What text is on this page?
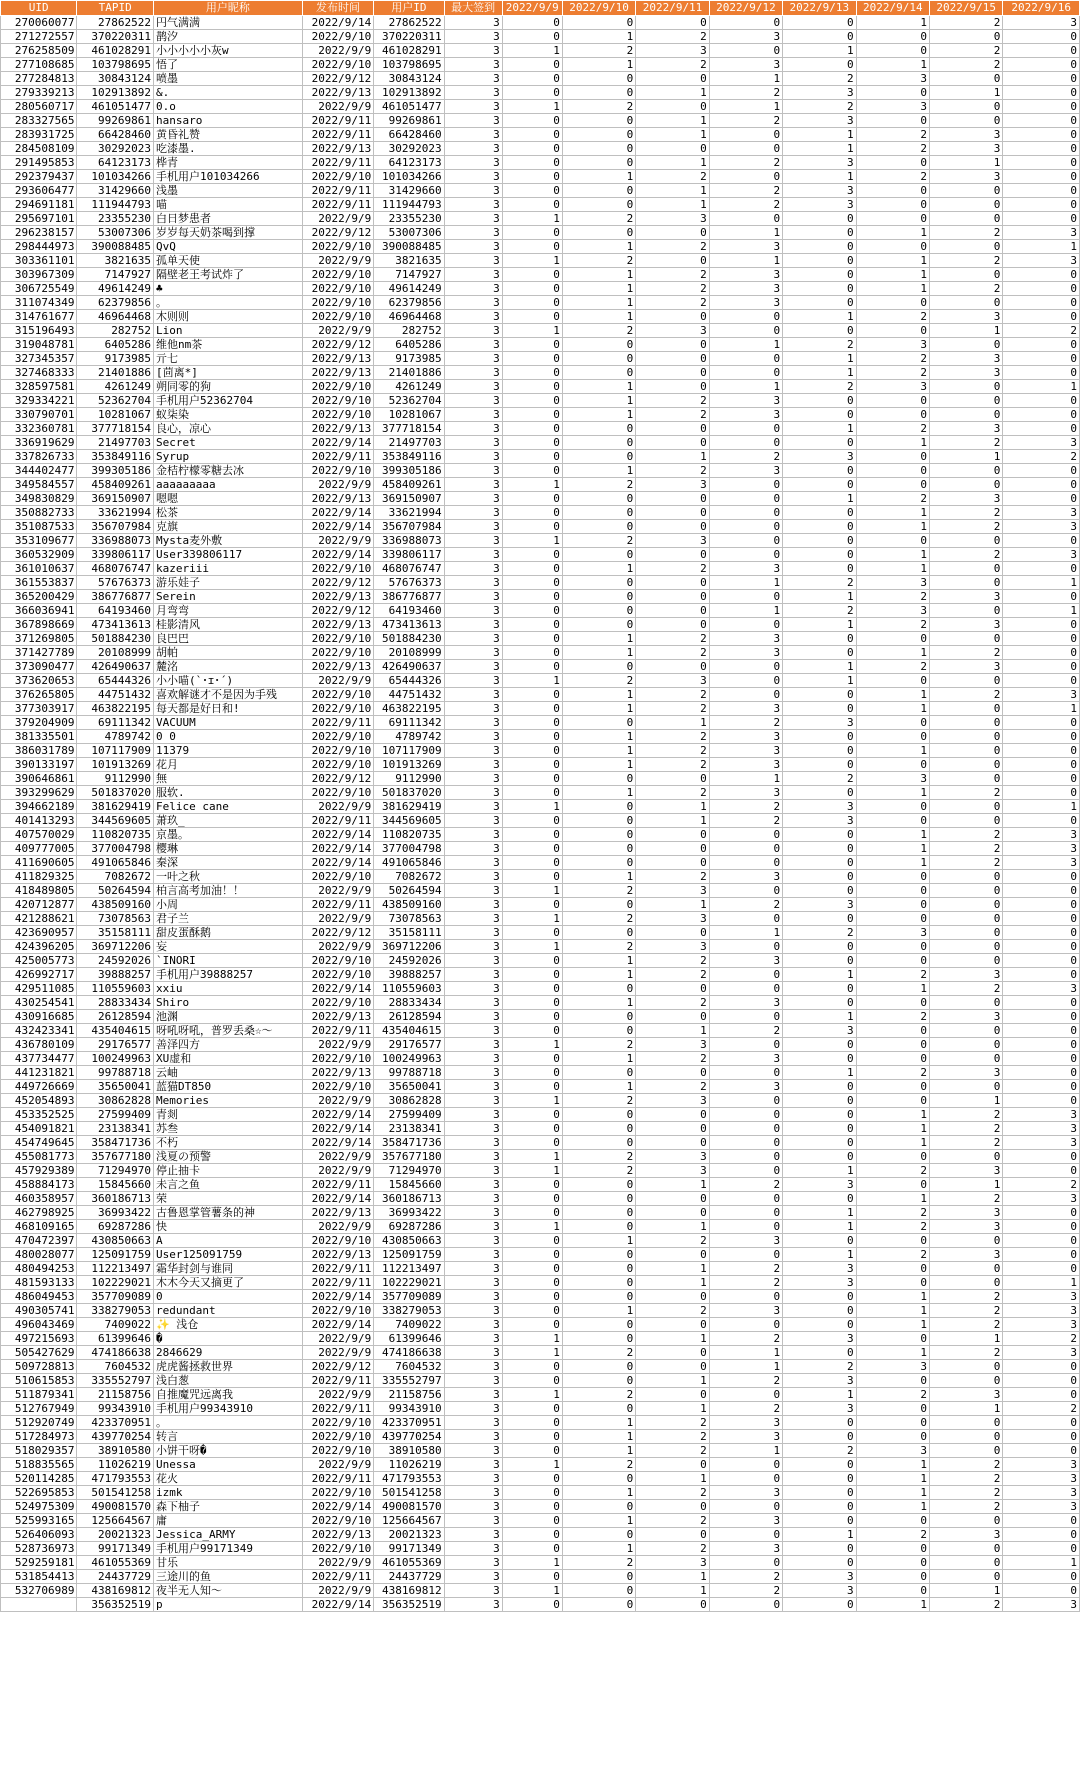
UID	TAPID	用户昵称	发布时间	用户ID	最大签到	2022/9/9	2022/9/10	2022/9/11	2022/9/12	2022/9/13	2022/9/14	2022/9/15	2022/9/16
270060077	27862522	円气满满	2022/9/14	27862522	3	0	0	0	0	0	1	2	3
271272557	370220311	鹊汐	2022/9/10	370220311	3	0	1	2	3	0	0	0	0
276258509	461028291	小小小小小灰w	2022/9/9	461028291	3	1	2	3	0	1	0	2	0
277108685	103798695	悟了	2022/9/10	103798695	3	0	1	2	3	0	1	2	0
277284813	30843124	喷墨	2022/9/12	30843124	3	0	0	0	1	2	3	0	0
279339213	102913892	&.	2022/9/13	102913892	3	0	0	1	2	3	0	1	0
280560717	461051477	0.o	2022/9/9	461051477	3	1	2	0	1	2	3	0	0
283327565	99269861	hansaro	2022/9/11	99269861	3	0	0	1	2	3	0	0	0
283931725	66428460	黄昏礼赞	2022/9/11	66428460	3	0	0	1	0	1	2	3	0
284508109	30292023	吃漆墨.	2022/9/13	30292023	3	0	0	0	0	1	2	3	0
291495853	64123173	桦青	2022/9/11	64123173	3	0	0	1	2	3	0	1	0
292379437	101034266	手机用户101034266	2022/9/10	101034266	3	0	1	2	0	1	2	3	0
293606477	31429660	浅墨	2022/9/11	31429660	3	0	0	1	2	3	0	0	0
294691181	111944793	喵	2022/9/11	111944793	3	0	0	1	2	3	0	0	0
295697101	23355230	白日梦患者	2022/9/9	23355230	3	1	2	3	0	0	0	0	0
296238157	53007306	岁岁每天奶茶喝到撑	2022/9/12	53007306	3	0	0	0	1	0	1	2	3
298444973	390088485	QvQ	2022/9/10	390088485	3	0	1	2	3	0	0	0	1
303361101	3821635	孤单天使	2022/9/9	3821635	3	1	2	0	1	0	1	2	3
303967309	7147927	隔壁老王考试炸了	2022/9/10	7147927	3	0	1	2	3	0	1	0	0
306725549	49614249	♣	2022/9/10	49614249	3	0	1	2	3	0	1	2	0
311074349	62379856	。	2022/9/10	62379856	3	0	1	2	3	0	0	0	0
314761677	46964468	木则则	2022/9/10	46964468	3	0	1	0	0	1	2	3	0
315196493	282752	Lion	2022/9/9	282752	3	1	2	3	0	0	0	1	2
319048781	6405286	维他nm茶	2022/9/12	6405286	3	0	0	0	1	2	3	0	0
327345357	9173985	亓七	2022/9/13	9173985	3	0	0	0	0	1	2	3	0
327468333	21401886	[茴离*]	2022/9/13	21401886	3	0	0	0	0	1	2	3	0
328597581	4261249	朔同零的狗	2022/9/10	4261249	3	0	1	0	1	2	3	0	1
329334221	52362704	手机用户52362704	2022/9/10	52362704	3	0	1	2	3	0	0	0	0
330790701	10281067	蚁柒染	2022/9/10	10281067	3	0	1	2	3	0	0	0	0
332360781	377718154	良心，凉心	2022/9/13	377718154	3	0	0	0	0	1	2	3	0
336919629	21497703	Secret	2022/9/14	21497703	3	0	0	0	0	0	1	2	3
337826733	353849116	Syrup	2022/9/11	353849116	3	0	0	1	2	3	0	1	2
344402477	399305186	金桔柠檬零糖去冰	2022/9/10	399305186	3	0	1	2	3	0	0	0	0
349584557	458409261	aaaaaaaaa	2022/9/9	458409261	3	1	2	3	0	0	0	0	0
349830829	369150907	嗯嗯	2022/9/13	369150907	3	0	0	0	0	1	2	3	0
350882733	33621994	松茶	2022/9/14	33621994	3	0	0	0	0	0	1	2	3
351087533	356707984	克旗	2022/9/14	356707984	3	0	0	0	0	0	1	2	3
353109677	336988073	Mysta麦外敷	2022/9/9	336988073	3	1	2	3	0	0	0	0	0
360532909	339806117	User339806117	2022/9/14	339806117	3	0	0	0	0	0	1	2	3
361010637	468076747	kazeriii	2022/9/10	468076747	3	0	1	2	3	0	1	0	0
361553837	57676373	游乐娃子	2022/9/12	57676373	3	0	0	0	1	2	3	0	1
365200429	386776877	Serein	2022/9/13	386776877	3	0	0	0	0	1	2	3	0
366036941	64193460	月弯弯	2022/9/12	64193460	3	0	0	0	1	2	3	0	1
367898669	473413613	桂影清风	2022/9/13	473413613	3	0	0	0	0	1	2	3	0
371269805	501884230	良巴巴	2022/9/10	501884230	3	0	1	2	3	0	0	0	0
371427789	20108999	胡帕	2022/9/10	20108999	3	0	1	2	3	0	1	2	0
373090477	426490637	麓洺	2022/9/13	426490637	3	0	0	0	0	1	2	3	0
373620653	65444326	小小喵(`･ɪ･´)	2022/9/9	65444326	3	1	2	3	0	1	0	0	0
376265805	44751432	喜欢解谜才不是因为手残	2022/9/10	44751432	3	0	1	2	0	0	1	2	3
377303917	463822195	每天都是好日和!	2022/9/10	463822195	3	0	1	2	3	0	1	0	1
379204909	69111342	VACUUM	2022/9/11	69111342	3	0	0	1	2	3	0	0	0
381335501	4789742	0 0	2022/9/10	4789742	3	0	1	2	3	0	0	0	0
386031789	107117909	11379	2022/9/10	107117909	3	0	1	2	3	0	1	0	0
390133197	101913269	花月	2022/9/10	101913269	3	0	1	2	3	0	0	0	0
390646861	9112990	無	2022/9/12	9112990	3	0	0	0	1	2	3	0	0
393299629	501837020	服软.	2022/9/10	501837020	3	0	1	2	3	0	1	2	0
394662189	381629419	Felice cane	2022/9/9	381629419	3	1	0	1	2	3	0	0	1
401413293	344569605	萧玖_	2022/9/11	344569605	3	0	0	1	2	3	0	0	0
407570029	110820735	京墨。	2022/9/14	110820735	3	0	0	0	0	0	1	2	3
409777005	377004798	樱琳	2022/9/14	377004798	3	0	0	0	0	0	1	2	3
411690605	491065846	秦深	2022/9/14	491065846	3	0	0	0	0	0	1	2	3
411829325	7082672	一叶之秋	2022/9/10	7082672	3	0	1	2	3	0	0	0	0
418489805	50264594	柏言高考加油！！	2022/9/9	50264594	3	1	2	3	0	0	0	0	0
420712877	438509160	小周	2022/9/11	438509160	3	0	0	1	2	3	0	0	0
421288621	73078563	君子兰	2022/9/9	73078563	3	1	2	3	0	0	0	0	0
423690957	35158111	甜皮蛋酥鹅	2022/9/12	35158111	3	0	0	0	1	2	3	0	0
424396205	369712206	妄	2022/9/9	369712206	3	1	2	3	0	0	0	0	0
425005773	24592026	`INORI	2022/9/10	24592026	3	0	1	2	3	0	0	0	0
426992717	39888257	手机用户39888257	2022/9/10	39888257	3	0	1	2	0	1	2	3	0
429511085	110559603	xxiu	2022/9/14	110559603	3	0	0	0	0	0	1	2	3
430254541	28833434	Shiro	2022/9/10	28833434	3	0	1	2	3	0	0	0	0
430916685	26128594	池渊	2022/9/13	26128594	3	0	0	0	0	1	2	3	0
432423341	435404615	呀吼呀吼，普罗丢桑☆～	2022/9/11	435404615	3	0	0	1	2	3	0	0	0
436780109	29176577	善泽四方	2022/9/9	29176577	3	1	2	3	0	0	0	0	0
437734477	100249963	XU虚和	2022/9/10	100249963	3	0	1	2	3	0	0	0	0
441231821	99788718	云岫	2022/9/13	99788718	3	0	0	0	0	1	2	3	0
449726669	35650041	蓝猫DT850	2022/9/10	35650041	3	0	1	2	3	0	0	0	0
452054893	30862828	Memories	2022/9/9	30862828	3	1	2	3	0	0	0	1	0
453352525	27599409	青剡	2022/9/14	27599409	3	0	0	0	0	0	1	2	3
454091821	23138341	苏叁	2022/9/14	23138341	3	0	0	0	0	0	1	2	3
454749645	358471736	不朽	2022/9/14	358471736	3	0	0	0	0	0	1	2	3
455081773	357677180	浅夏の预警	2022/9/9	357677180	3	1	2	3	0	0	0	0	0
457929389	71294970	停止抽卡	2022/9/9	71294970	3	1	2	3	0	1	2	3	0
458884173	15845660	未言之鱼	2022/9/11	15845660	3	0	0	1	2	3	0	1	2
460358957	360186713	荣	2022/9/14	360186713	3	0	0	0	0	0	1	2	3
462798925	36993422	古鲁恩掌管薯条的神	2022/9/13	36993422	3	0	0	0	0	1	2	3	0
468109165	69287286	快	2022/9/9	69287286	3	1	0	1	0	1	2	3	0
470472397	430850663	A	2022/9/10	430850663	3	0	1	2	3	0	0	0	0
480028077	125091759	User125091759	2022/9/13	125091759	3	0	0	0	0	1	2	3	0
480494253	112213497	霜华封剑与谁同	2022/9/11	112213497	3	0	0	1	2	3	0	0	0
481593133	102229021	木木今天又摘更了	2022/9/11	102229021	3	0	0	1	2	3	0	0	1
486049453	357709089	0	2022/9/14	357709089	3	0	0	0	0	0	1	2	3
490305741	338279053	redundant	2022/9/10	338279053	3	0	1	2	3	0	1	2	3
496043469	7409022	✨ 浅仓	2022/9/14	7409022	3	0	0	0	0	0	1	2	3
497215693	61399646	�	2022/9/9	61399646	3	1	0	1	2	3	0	1	2
505427629	474186638	2846629	2022/9/9	474186638	3	1	2	0	1	0	1	2	3
509728813	7604532	虎虎酱拯救世界	2022/9/12	7604532	3	0	0	0	1	2	3	0	0
510615853	335552797	浅白葱	2022/9/11	335552797	3	0	0	1	2	3	0	0	0
511879341	21158756	自推魔咒远离我	2022/9/9	21158756	3	1	2	0	0	1	2	3	0
512767949	99343910	手机用户99343910	2022/9/11	99343910	3	0	0	1	2	3	0	1	2
512920749	423370951	。	2022/9/10	423370951	3	0	1	2	3	0	0	0	0
517284973	439770254	转言	2022/9/10	439770254	3	0	1	2	3	0	0	0	0
518029357	38910580	小饼干呀�	2022/9/10	38910580	3	0	1	2	1	2	3	0	0
518835565	11026219	Unessa	2022/9/9	11026219	3	1	2	0	0	0	1	2	3
520114285	471793553	花火	2022/9/11	471793553	3	0	0	1	0	0	1	2	3
522695853	501541258	izmk	2022/9/10	501541258	3	0	1	2	3	0	1	2	3
524975309	490081570	森下柚子	2022/9/14	490081570	3	0	0	0	0	0	1	2	3
525993165	125664567	庸	2022/9/10	125664567	3	0	1	2	3	0	0	0	0
526406093	20021323	Jessica_ARMY	2022/9/13	20021323	3	0	0	0	0	1	2	3	0
528736973	99171349	手机用户99171349	2022/9/10	99171349	3	0	1	2	3	0	0	0	0
529259181	461055369	甘乐	2022/9/9	461055369	3	1	2	3	0	0	0	0	1
531854413	24437729	三途川的鱼	2022/9/11	24437729	3	0	0	1	2	3	0	0	0
532706989	438169812	夜半无人知～	2022/9/9	438169812	3	1	0	1	2	3	0	1	0
	356352519	p	2022/9/14	356352519	3	0	0	0	0	0	1	2	3
